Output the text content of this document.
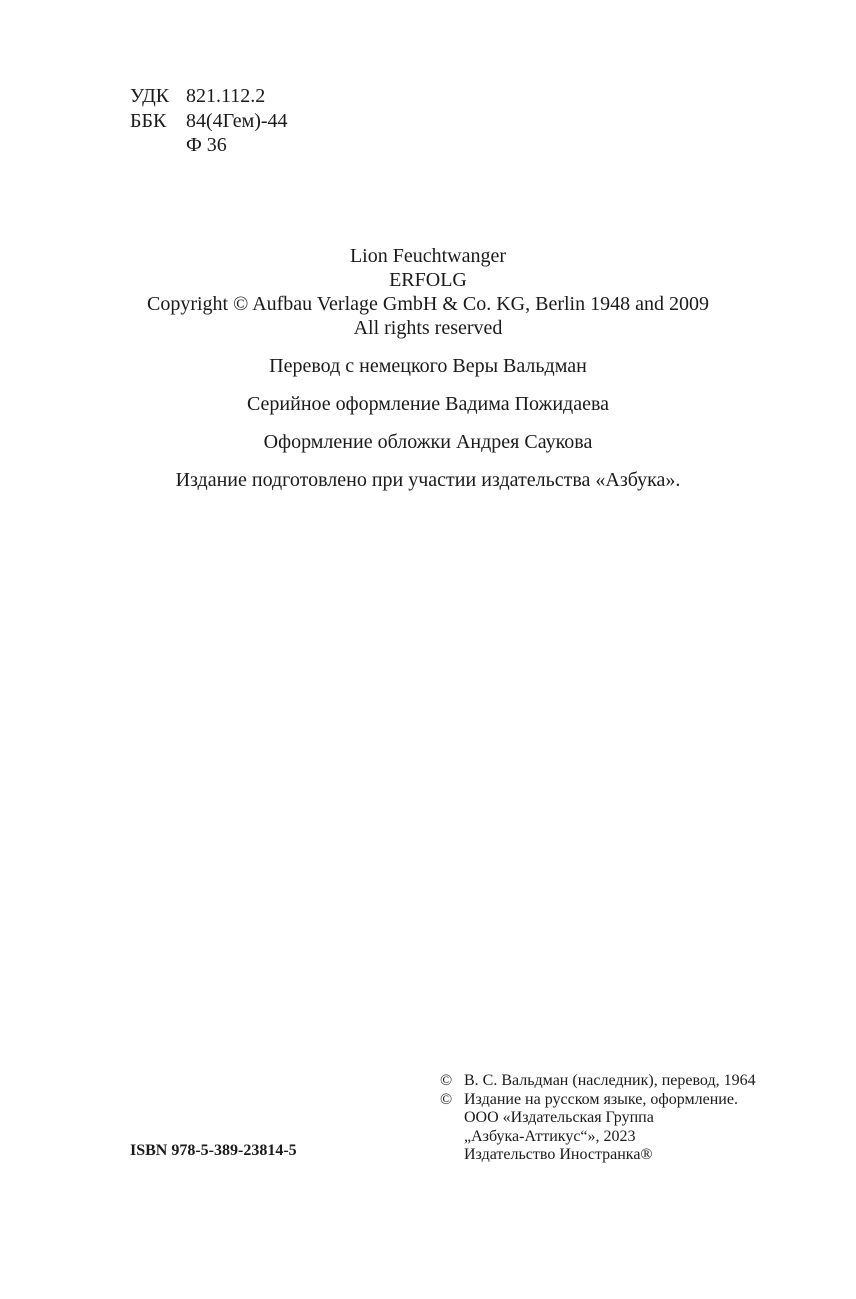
УДК 821.112.2
ББК 84(4Гем)-44
Ф 36
Lion Feuchtwanger
ERFOLG
Copyright © Aufbau Verlage GmbH & Co. KG, Berlin 1948 and 2009
All rights reserved
Перевод с немецкого Веры Вальдман
Серийное оформление Вадима Пожидаева
Оформление обложки Андрея Саукова
Издание подготовлено при участии издательства «Азбука».
ISBN 978-5-389-23814-5
© В. С. Вальдман (наследник), перевод, 1964
© Издание на русском языке, оформление.
ООО «Издательская Группа
„Азбука-Аттикус“», 2023
Издательство Иностранка®
